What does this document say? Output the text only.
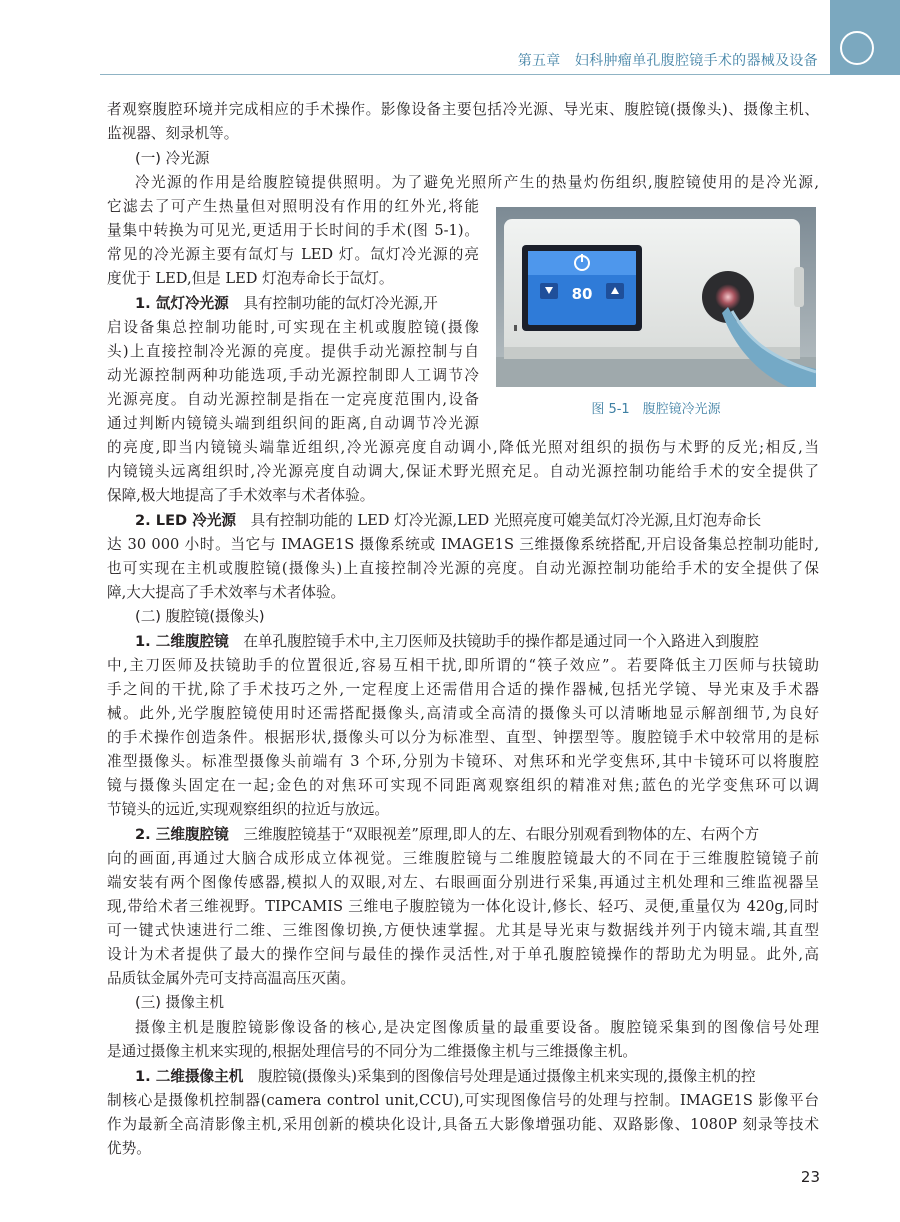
第五章　妇科肿瘤单孔腹腔镜手术的器械及设备
者观察腹腔环境并完成相应的手术操作。影像设备主要包括冷光源、导光束、腹腔镜(摄像头)、摄像主机、
监视器、刻录机等。
(一) 冷光源
冷光源的作用是给腹腔镜提供照明。为了避免光照所产生的热量灼伤组织,腹腔镜使用的是冷光源,
它滤去了可产生热量但对照明没有作用的红外光,将能
量集中转换为可见光,更适用于长时间的手术(图 5-1)。
常见的冷光源主要有氙灯与 LED 灯。氙灯冷光源的亮
度优于 LED,但是 LED 灯泡寿命长于氙灯。
1. 氙灯冷光源　 具有控制功能的氙灯冷光源,开
启设备集总控制功能时,可实现在主机或腹腔镜(摄像
头)上直接控制冷光源的亮度。提供手动光源控制与自
动光源控制两种功能选项,手动光源控制即人工调节冷
光源亮度。自动光源控制是指在一定亮度范围内,设备
通过判断内镜镜头端到组织间的距离,自动调节冷光源
的亮度,即当内镜镜头端靠近组织,冷光源亮度自动调小,降低光照对组织的损伤与术野的反光;相反,当
内镜镜头远离组织时,冷光源亮度自动调大,保证术野光照充足。自动光源控制功能给手术的安全提供了
保障,极大地提高了手术效率与术者体验。
2. LED 冷光源　 具有控制功能的 LED 灯冷光源,LED 光照亮度可媲美氙灯冷光源,且灯泡寿命长
达 30 000 小时。当它与 IMAGE1S 摄像系统或 IMAGE1S 三维摄像系统搭配,开启设备集总控制功能时,
也可实现在主机或腹腔镜(摄像头)上直接控制冷光源的亮度。自动光源控制功能给手术的安全提供了保
障,大大提高了手术效率与术者体验。
(二) 腹腔镜(摄像头)
1. 二维腹腔镜　 在单孔腹腔镜手术中,主刀医师及扶镜助手的操作都是通过同一个入路进入到腹腔
中,主刀医师及扶镜助手的位置很近,容易互相干扰,即所谓的“筷子效应”。若要降低主刀医师与扶镜助
手之间的干扰,除了手术技巧之外,一定程度上还需借用合适的操作器械,包括光学镜、导光束及手术器
械。此外,光学腹腔镜使用时还需搭配摄像头,高清或全高清的摄像头可以清晰地显示解剖细节,为良好
的手术操作创造条件。根据形状,摄像头可以分为标准型、直型、钟摆型等。腹腔镜手术中较常用的是标
准型摄像头。标准型摄像头前端有 3 个环,分别为卡镜环、对焦环和光学变焦环,其中卡镜环可以将腹腔
镜与摄像头固定在一起;金色的对焦环可实现不同距离观察组织的精准对焦;蓝色的光学变焦环可以调
节镜头的远近,实现观察组织的拉近与放远。
2. 三维腹腔镜　 三维腹腔镜基于“双眼视差”原理,即人的左、右眼分别观看到物体的左、右两个方
向的画面,再通过大脑合成形成立体视觉。三维腹腔镜与二维腹腔镜最大的不同在于三维腹腔镜镜子前
端安装有两个图像传感器,模拟人的双眼,对左、右眼画面分别进行采集,再通过主机处理和三维监视器呈
现,带给术者三维视野。TIPCAMIS 三维电子腹腔镜为一体化设计,修长、轻巧、灵便,重量仅为 420g,同时
可一键式快速进行二维、三维图像切换,方便快速掌握。尤其是导光束与数据线并列于内镜末端,其直型
设计为术者提供了最大的操作空间与最佳的操作灵活性,对于单孔腹腔镜操作的帮助尤为明显。此外,高
品质钛金属外壳可支持高温高压灭菌。
(三) 摄像主机
摄像主机是腹腔镜影像设备的核心,是决定图像质量的最重要设备。腹腔镜采集到的图像信号处理
是通过摄像主机来实现的,根据处理信号的不同分为二维摄像主机与三维摄像主机。
1. 二维摄像主机　 腹腔镜(摄像头)采集到的图像信号处理是通过摄像主机来实现的,摄像主机的控
制核心是摄像机控制器(camera control unit,CCU),可实现图像信号的处理与控制。IMAGE1S 影像平台
作为最新全高清影像主机,采用创新的模块化设计,具备五大影像增强功能、双路影像、1080P 刻录等技术
优势。
80
图 5-1　腹腔镜冷光源
23
